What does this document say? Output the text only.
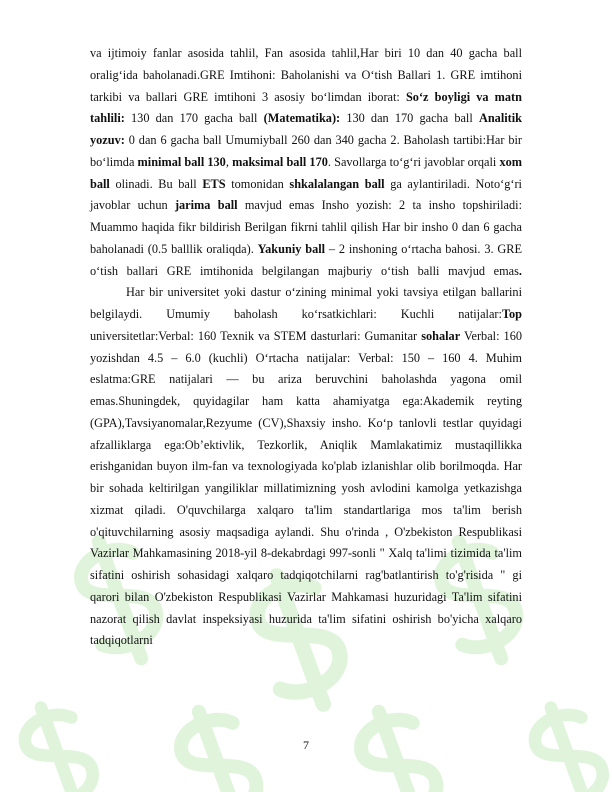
va ijtimoiy fanlar asosida tahlil, Fan asosida tahlil,Har biri 10 dan 40 gacha ball oralig‘ida baholanadi.GRE Imtihoni: Baholanishi va O‘tish Ballari 1. GRE imtihoni tarkibi va ballari GRE imtihoni 3 asosiy bo‘limdan iborat: So‘z boyligi va matn tahlili: 130 dan 170 gacha ball (Matematika): 130 dan 170 gacha ball Analitik yozuv: 0 dan 6 gacha ball Umumiyball 260 dan 340 gacha 2. Baholash tartibi:Har bir bo‘limda minimal ball 130, maksimal ball 170. Savollarga to‘g‘ri javoblar orqali xom ball olinadi. Bu ball ETS tomonidan shkalalangan ball ga aylantiriladi. Noto‘g‘ri javoblar uchun jarima ball mavjud emas Insho yozish: 2 ta insho topshiriladi: Muammo haqida fikr bildirish Berilgan fikrni tahlil qilish Har bir insho 0 dan 6 gacha baholanadi (0.5 balllik oraliqda). Yakuniy ball – 2 inshoning o‘rtacha bahosi. 3. GRE o‘tish ballari GRE imtihonida belgilangan majburiy o‘tish balli mavjud emas.

Har bir universitet yoki dastur o‘zining minimal yoki tavsiya etilgan ballarini belgilaydi. Umumiy baholash ko‘rsatkichlari: Kuchli natijalar:Top universitetlar:Verbal: 160 Texnik va STEM dasturlari: Gumanitar sohalar Verbal: 160 yozishdan 4.5 – 6.0 (kuchli) O‘rtacha natijalar: Verbal: 150 – 160 4. Muhim eslatma:GRE natijalari — bu ariza beruvchini baholashda yagona omil emas.Shuningdek, quyidagilar ham katta ahamiyatga ega:Akademik reyting (GPA),Tavsiyanomalar,Rezyume (CV),Shaxsiy insho. Ko‘p tanlovli testlar quyidagi afzalliklarga ega:Ob’ektivlik, Tezkorlik, Aniqlik Mamlakatimiz mustaqillikka erishganidan buyon ilm-fan va texnologiyada ko'plab izlanishlar olib borilmoqda. Har bir sohada keltirilgan yangiliklar millatimizning yosh avlodini kamolga yetkazishga xizmat qiladi. O'quvchilarga xalqaro ta'lim standartlariga mos ta'lim berish o'qituvchilarning asosiy maqsadiga aylandi. Shu o'rinda , O'zbekiston Respublikasi Vazirlar Mahkamasining 2018-yil 8-dekabrdagi 997-sonli " Xalq ta'limi tizimida ta'lim sifatini oshirish sohasidagi xalqaro tadqiqotchilarni rag'batlantirish to'g'risida " gi qarori bilan O'zbekiston Respublikasi Vazirlar Mahkamasi huzuridagi Ta'lim sifatini nazorat qilish davlat inspeksiyasi huzurida ta'lim sifatini oshirish bo'yicha xalqaro tadqiqotlarni

7
